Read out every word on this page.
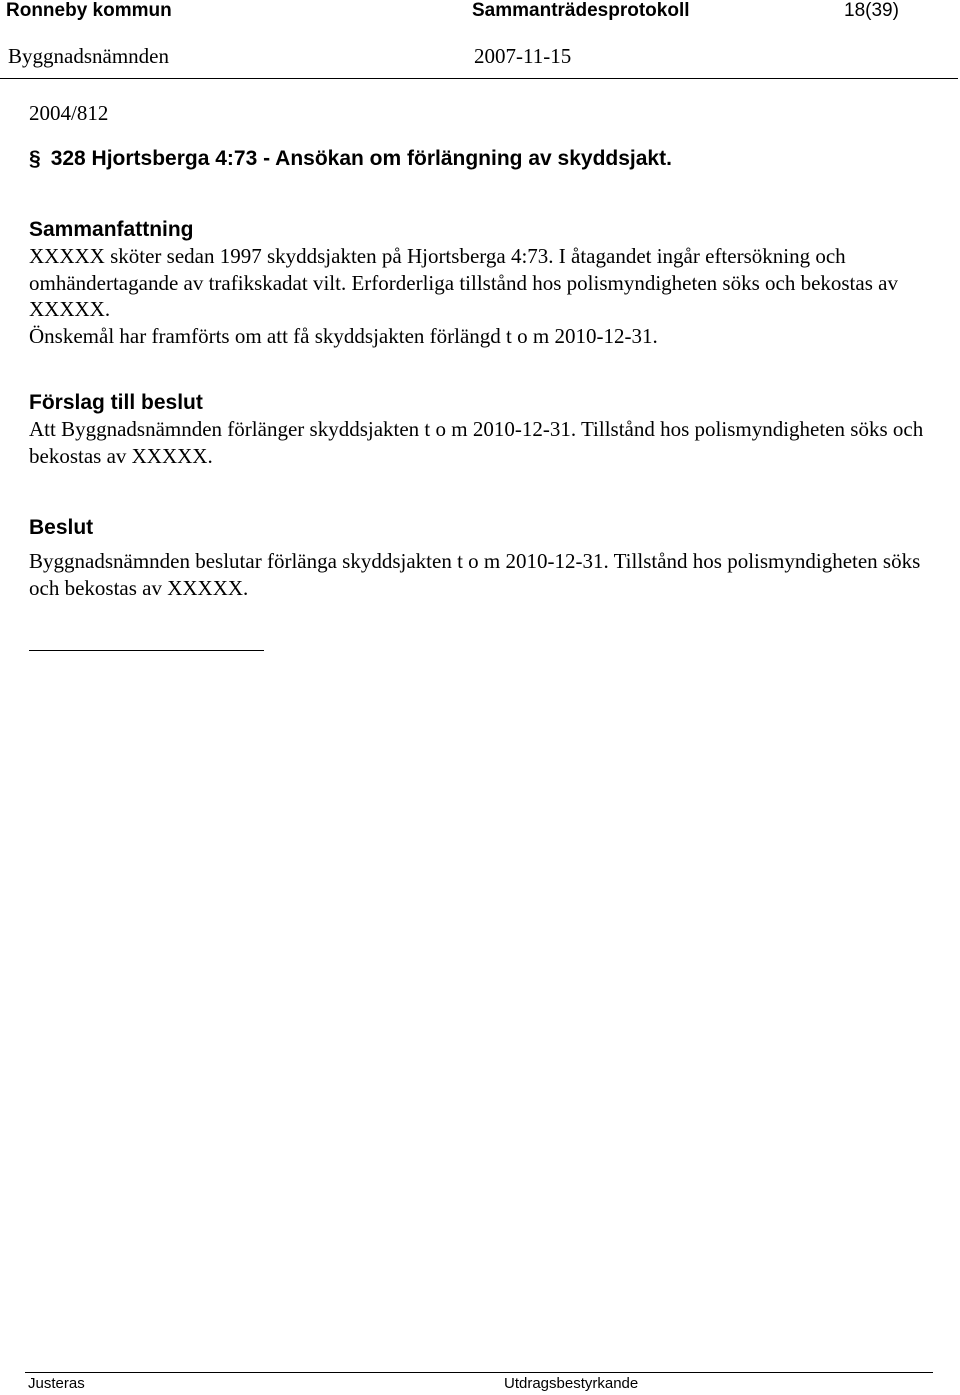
Ronneby kommun	Sammanträdesprotokoll	18(39)
Byggnadsnämnden	2007-11-15
2004/812
§ 328 Hjortsberga 4:73 - Ansökan om förlängning av skyddsjakt.
Sammanfattning
XXXXX sköter sedan 1997 skyddsjakten på Hjortsberga 4:73. I åtagandet ingår eftersökning och omhändertagande av trafikskadat vilt. Erforderliga tillstånd hos polismyndigheten söks och bekostas av XXXXX.
Önskemål har framförts om att få skyddsjakten förlängd t o m 2010-12-31.
Förslag till beslut
Att Byggnadsnämnden förlänger skyddsjakten t o m 2010-12-31. Tillstånd hos polismyndigheten söks och bekostas av XXXXX.
Beslut
Byggnadsnämnden beslutar förlänga skyddsjakten t o m 2010-12-31. Tillstånd hos polismyndigheten söks och bekostas av XXXXX.
Justeras	Utdragsbestyrkande
